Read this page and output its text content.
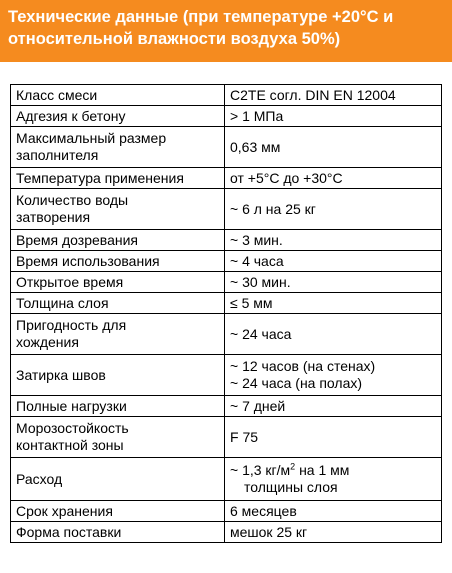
Технические данные (при температуре +20°С и
относительной влажности воздуха 50%)
Класс смеси	C2TE согл. DIN EN 12004

Адгезия к бетону	> 1 МПа

Максимальный размер
заполнителя	0,63 мм

Температура применения	от +5°С до +30°С

Количество воды
затворения	~ 6 л на 25 кг

Время дозревания	~ 3 мин.

Время использования	~ 4 часа

Открытое время	~ 30 мин.

Толщина слоя	≤ 5 мм

Пригодность для
хождения	~ 24 часа

Затирка швов	~ 12 часов (на стенах)
~ 24 часа (на полах)

Полные нагрузки	~ 7 дней

Морозостойкость
контактной зоны	F 75

Расход	~ 1,3 $кг/м^2$ на 1 мм
толщины слоя

Срок хранения	6 месяцев

Форма поставки	мешок 25 кг
